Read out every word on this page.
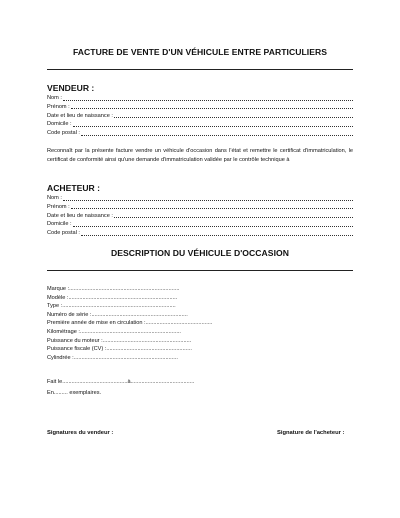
FACTURE DE VENTE D'UN VÉHICULE ENTRE PARTICULIERS
VENDEUR :
Nom :
Prénom :
Date et lieu de naissance :
Domicile :
Code postal :

Reconnaît par la présente facture vendre un véhicule d'occasion dans l'état et remettre le certificat d'immatriculation, le certificat de conformité ainsi qu'une demande d'immatriculation validée par le contrôle technique à

ACHETEUR :
Nom :
Prénom :
Date et lieu de naissance :
Domicile :
Code postal :
DESCRIPTION DU VÉHICULE D'OCCASION
Marque : .......................................................................
Modèle : ......................................................................
Type : .........................................................................
Numéro de série : ..............................................................
Première année de mise en circulation : ...........................................
Kilométrage : .................................................................
Puissance du moteur : .........................................................
Puissance fiscale (CV) : .......................................................
Cylindrée : ...................................................................
Fait le..........................................à.........................................
En......... exemplaires.
Signatures du vendeur :	Signature de l'acheteur :
